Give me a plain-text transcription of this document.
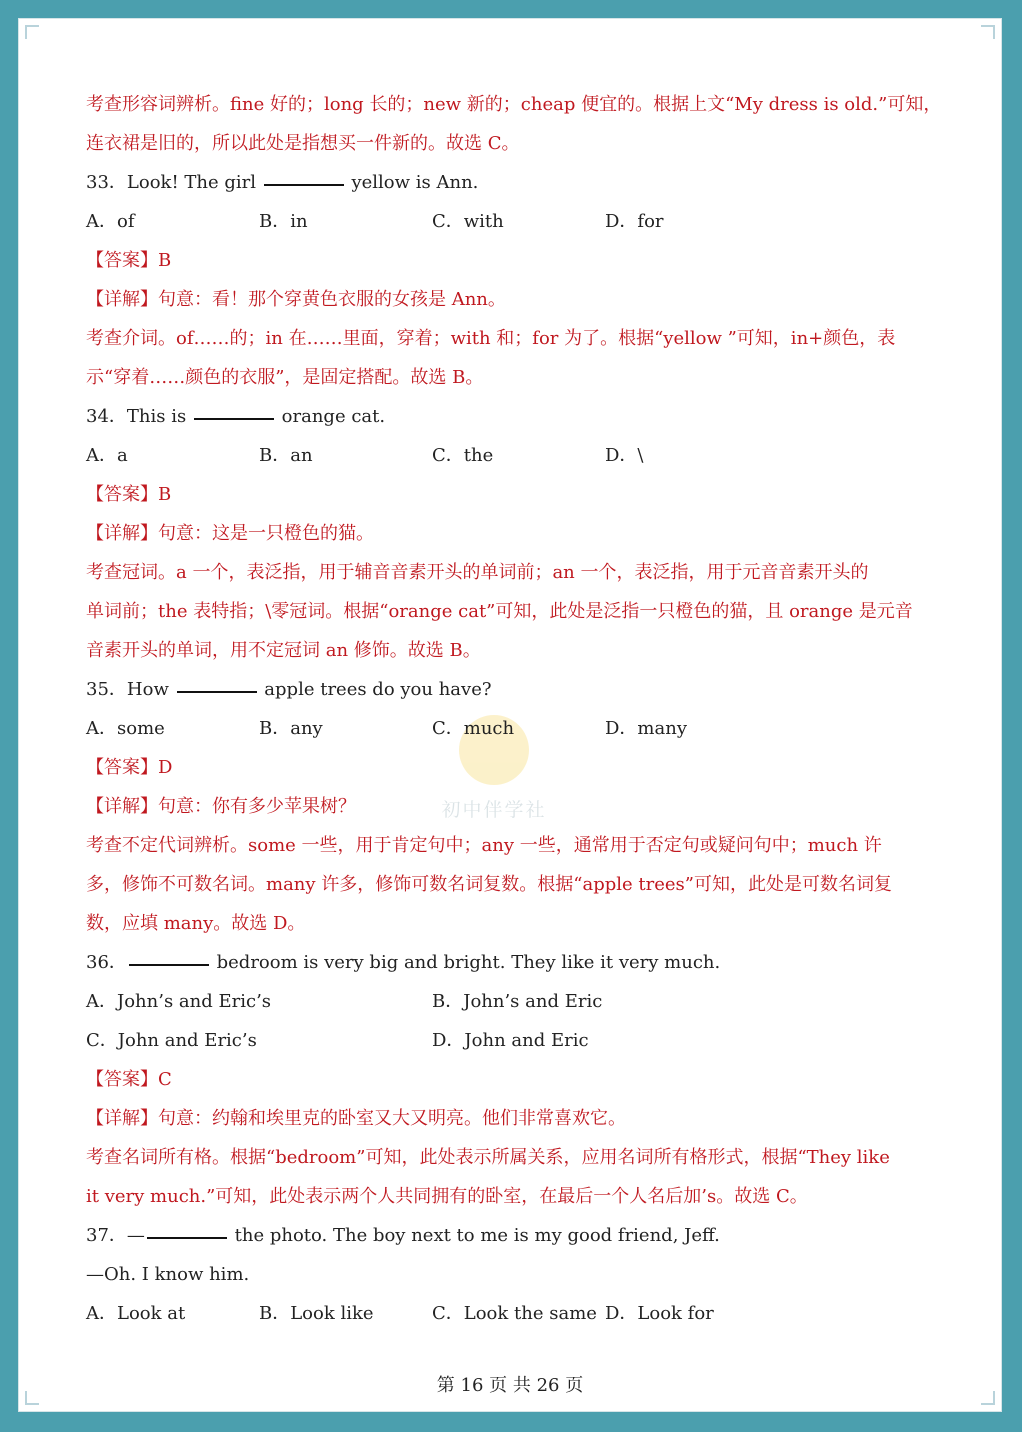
初中伴学社
考查形容词辨析。fine 好的；long 长的；new 新的；cheap 便宜的。根据上文“My dress is old.”可知，
连衣裙是旧的，所以此处是指想买一件新的。故选 C。
33．Look! The girl	yellow is Ann.
A．of	B．in	C．with	D．for
【答案】B
【详解】句意：看！那个穿黄色衣服的女孩是 Ann。
考查介词。of……的；in 在……里面，穿着；with 和；for 为了。根据“yellow ”可知，in+颜色，表
示“穿着……颜色的衣服”，是固定搭配。故选 B。
34．This is	orange cat.
A．a	B．an	C．the	D．\
【答案】B
【详解】句意：这是一只橙色的猫。
考查冠词。a 一个，表泛指，用于辅音音素开头的单词前；an 一个，表泛指，用于元音音素开头的
单词前；the 表特指；\零冠词。根据“orange cat”可知，此处是泛指一只橙色的猫，且 orange 是元音
音素开头的单词，用不定冠词 an 修饰。故选 B。
35．How	apple trees do you have?
A．some	B．any	C．much	D．many
【答案】D
【详解】句意：你有多少苹果树？
考查不定代词辨析。some 一些，用于肯定句中；any 一些，通常用于否定句或疑问句中；much 许
多，修饰不可数名词。many 许多，修饰可数名词复数。根据“apple trees”可知，此处是可数名词复
数，应填 many。故选 D。
36．	bedroom is very big and bright. They like it very much.
A．John’s and Eric’s	B．John’s and Eric
C．John and Eric’s	D．John and Eric
【答案】C
【详解】句意：约翰和埃里克的卧室又大又明亮。他们非常喜欢它。
考查名词所有格。根据“bedroom”可知，此处表示所属关系，应用名词所有格形式，根据“They like
it very much.”可知，此处表示两个人共同拥有的卧室，在最后一个人名后加’s。故选 C。
37．—	the photo. The boy next to me is my good friend, Jeff.
—Oh. I know him.
A．Look at	B．Look like	C．Look the same D．Look for
第 16 页 共 26 页
